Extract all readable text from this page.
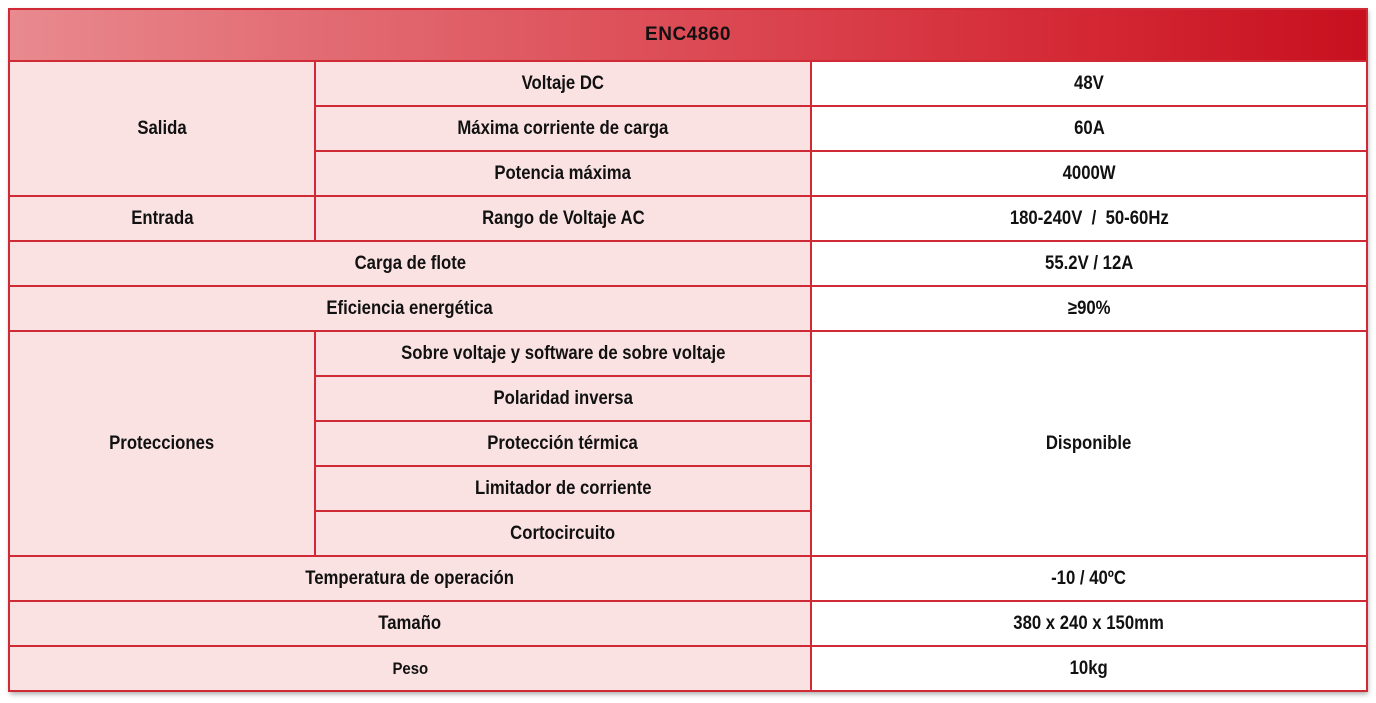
ENC4860		
Salida	Voltaje DC	48V
	Máxima corriente de carga	60A
	Potencia máxima	4000W
Entrada	Rango de Voltaje AC	180-240V  /  50-60Hz
Carga de flote		55.2V / 12A
Eficiencia energética		≥90%
Protecciones	Sobre voltaje y software de sobre voltaje	Disponible
	Polaridad inversa	
	Protección térmica	
	Limitador de corriente	
	Cortocircuito	
Temperatura de operación		-10 / 40ºC
Tamaño		380 x 240 x 150mm
Peso		10kg
